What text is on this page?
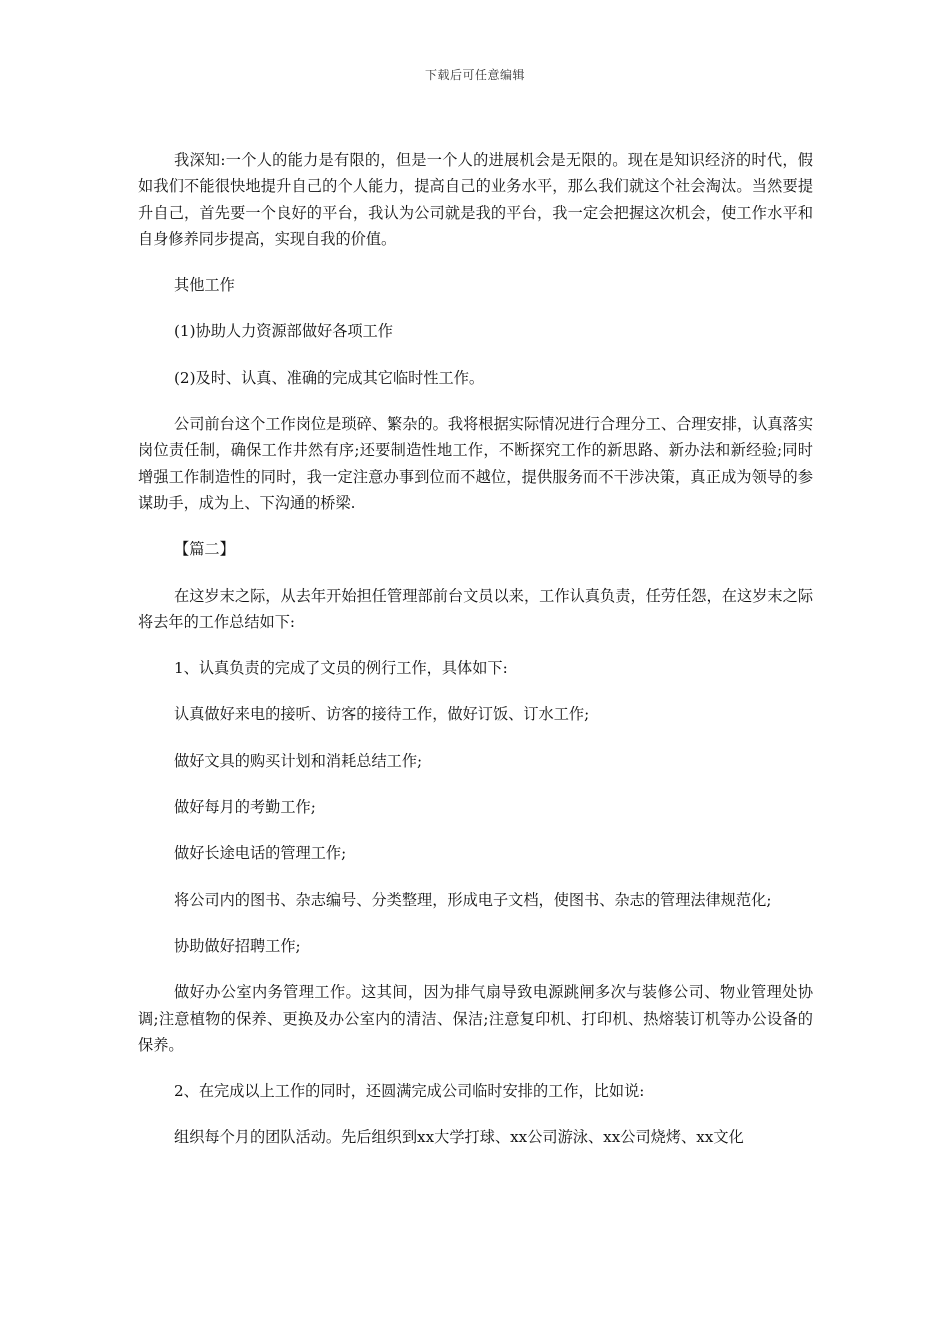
下载后可任意编辑

我深知:一个人的能力是有限的，但是一个人的进展机会是无限的。现在是知识经济的时代，假如我们不能很快地提升自己的个人能力，提高自己的业务水平，那么我们就这个社会淘汰。当然要提升自己，首先要一个良好的平台，我认为公司就是我的平台，我一定会把握这次机会，使工作水平和自身修养同步提高，实现自我的价值。

其他工作

(1)协助人力资源部做好各项工作

(2)及时、认真、准确的完成其它临时性工作。

公司前台这个工作岗位是琐碎、繁杂的。我将根据实际情况进行合理分工、合理安排，认真落实岗位责任制，确保工作井然有序;还要制造性地工作，不断探究工作的新思路、新办法和新经验;同时增强工作制造性的同时，我一定注意办事到位而不越位，提供服务而不干涉决策，真正成为领导的参谋助手，成为上、下沟通的桥梁.

【篇二】

在这岁末之际，从去年开始担任管理部前台文员以来，工作认真负责，任劳任怨，在这岁末之际将去年的工作总结如下:

1、认真负责的完成了文员的例行工作，具体如下:

认真做好来电的接听、访客的接待工作，做好订饭、订水工作;

做好文具的购买计划和消耗总结工作;

做好每月的考勤工作;

做好长途电话的管理工作;

将公司内的图书、杂志编号、分类整理，形成电子文档，使图书、杂志的管理法律规范化;

协助做好招聘工作;

做好办公室内务管理工作。这其间，因为排气扇导致电源跳闸多次与装修公司、物业管理处协调;注意植物的保养、更换及办公室内的清洁、保洁;注意复印机、打印机、热熔装订机等办公设备的保养。

2、在完成以上工作的同时，还圆满完成公司临时安排的工作，比如说:

组织每个月的团队活动。先后组织到xx大学打球、xx公司游泳、xx公司烧烤、xx文化
